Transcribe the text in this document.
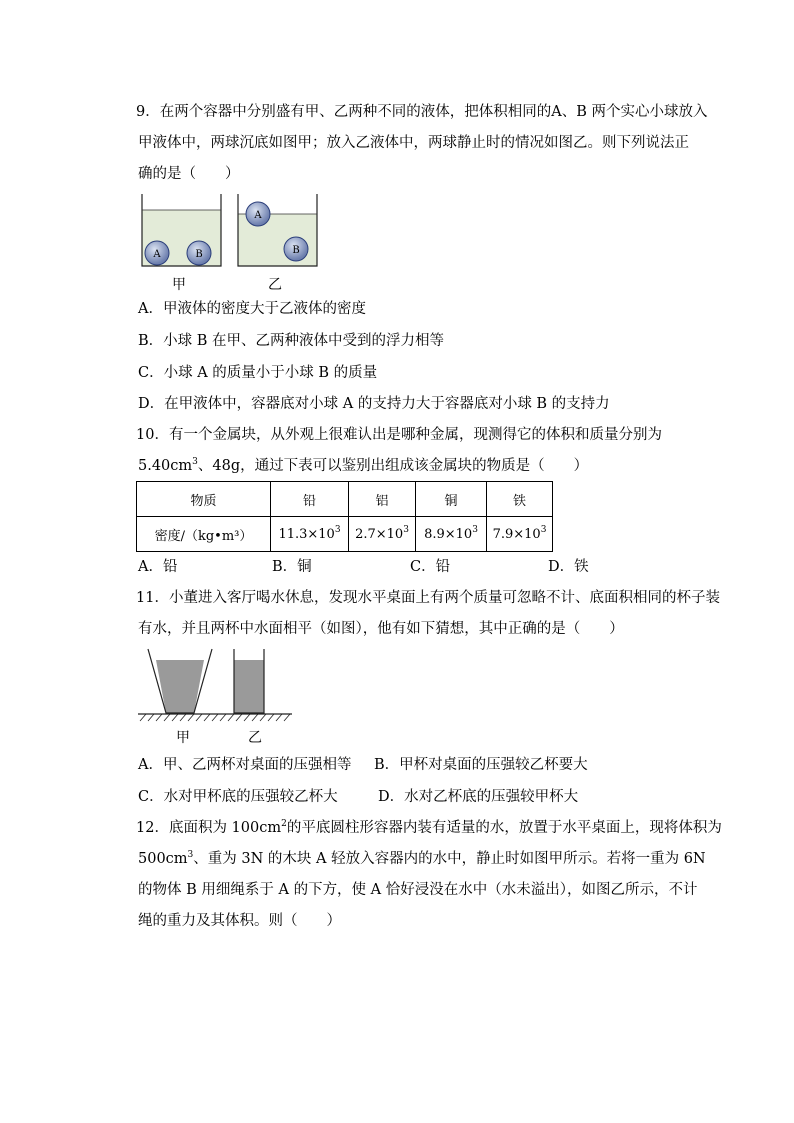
9．在两个容器中分别盛有甲、乙两种不同的液体，把体积相同的A、B 两个实心小球放入
甲液体中，两球沉底如图甲；放入乙液体中，两球静止时的情况如图乙。则下列说法正
确的是（　　）
A	B
A
B
甲	乙
A．甲液体的密度大于乙液体的密度
B．小球 B 在甲、乙两种液体中受到的浮力相等
C．小球 A 的质量小于小球 B 的质量
D．在甲液体中，容器底对小球 A 的支持力大于容器底对小球 B 的支持力
10．有一个金属块，从外观上很难认出是哪种金属，现测得它的体积和质量分别为
$5.40cm^3$、48g，通过下表可以鉴别出组成该金属块的物质是（　　）
物质	铅	铝	铜	铁
密度/（kg•m³）	$11.3\times 10^3$	$2.7\times 10^3$	$8.9\times 10^3$	$7.9\times 10^3$
A．铅	B．铜	C．铅	D．铁
11．小董进入客厅喝水休息，发现水平桌面上有两个质量可忽略不计、底面积相同的杯子装
有水，并且两杯中水面相平（如图），他有如下猜想，其中正确的是（　　）
甲	乙
A．甲、乙两杯对桌面的压强相等 B．甲杯对桌面的压强较乙杯要大
C．水对甲杯底的压强较乙杯大	D．水对乙杯底的压强较甲杯大
12．底面积为 $100cm^2$的平底圆柱形容器内装有适量的水，放置于水平桌面上，现将体积为
$500cm^3$、重为 3N 的木块 A 轻放入容器内的水中，静止时如图甲所示。若将一重为 6N
的物体 B 用细绳系于 A 的下方，使 A 恰好浸没在水中（水未溢出），如图乙所示，不计
绳的重力及其体积。则（　　）
